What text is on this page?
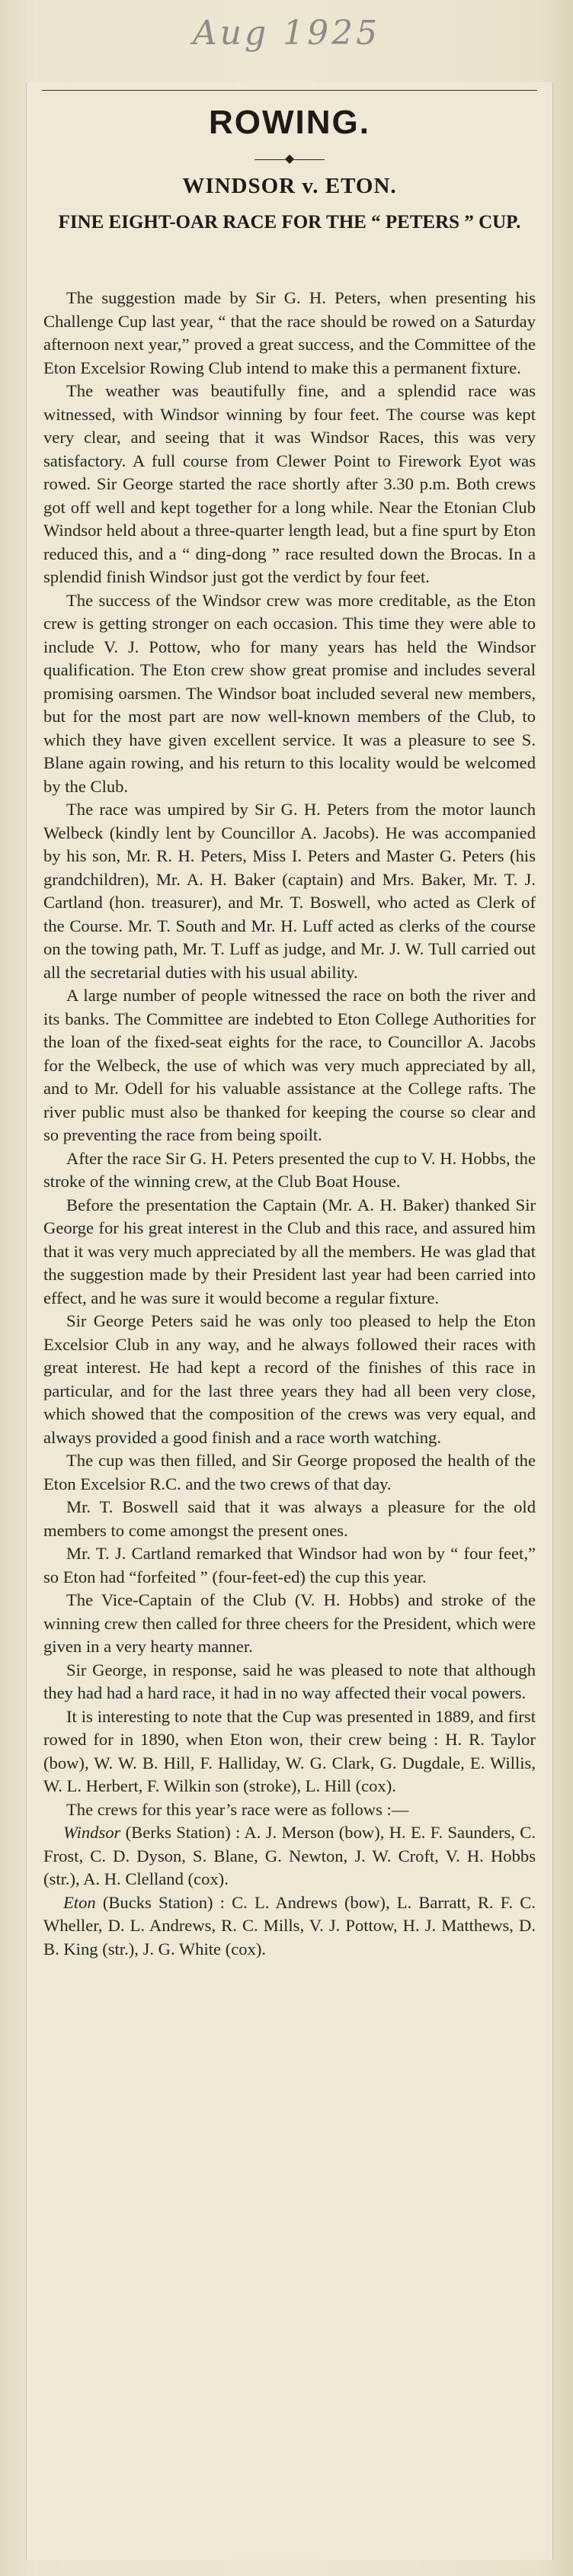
Aug 1925
ROWING.
◆
WINDSOR v. ETON.
FINE EIGHT-OAR RACE FOR THE “ PETERS ” CUP.

The suggestion made by Sir G. H. Peters, when presenting his Challenge Cup last year, “ that the race should be rowed on a Saturday afternoon next year,” proved a great success, and the Committee of the Eton Excelsior Rowing Club intend to make this a permanent fixture.

The weather was beautifully fine, and a splendid race was witnessed, with Windsor winning by four feet. The course was kept very clear, and seeing that it was Windsor Races, this was very satisfactory. A full course from Clewer Point to Firework Eyot was rowed. Sir George started the race shortly after 3.30 p.m. Both crews got off well and kept together for a long while. Near the Etonian Club Windsor held about a three-quarter length lead, but a fine spurt by Eton reduced this, and a “ ding-dong ” race resulted down the Brocas. In a splendid finish Windsor just got the verdict by four feet.

The success of the Windsor crew was more creditable, as the Eton crew is getting stronger on each occasion. This time they were able to include V. J. Pottow, who for many years has held the Windsor qualification. The Eton crew show great promise and includes several promising oarsmen. The Windsor boat included several new members, but for the most part are now well-known members of the Club, to which they have given excellent service. It was a pleasure to see S. Blane again rowing, and his return to this locality would be welcomed by the Club.

The race was umpired by Sir G. H. Peters from the motor launch Welbeck (kindly lent by Councillor A. Jacobs). He was accompanied by his son, Mr. R. H. Peters, Miss I. Peters and Master G. Peters (his grandchildren), Mr. A. H. Baker (captain) and Mrs. Baker, Mr. T. J. Cartland (hon. treasurer), and Mr. T. Boswell, who acted as Clerk of the Course. Mr. T. South and Mr. H. Luff acted as clerks of the course on the towing path, Mr. T. Luff as judge, and Mr. J. W. Tull carried out all the secretarial duties with his usual ability.

A large number of people witnessed the race on both the river and its banks. The Committee are indebted to Eton College Authorities for the loan of the fixed-seat eights for the race, to Councillor A. Jacobs for the Welbeck, the use of which was very much appreciated by all, and to Mr. Odell for his valuable assistance at the College rafts. The river public must also be thanked for keeping the course so clear and so preventing the race from being spoilt.

After the race Sir G. H. Peters presented the cup to V. H. Hobbs, the stroke of the winning crew, at the Club Boat House.

Before the presentation the Captain (Mr. A. H. Baker) thanked Sir George for his great interest in the Club and this race, and assured him that it was very much appreciated by all the members. He was glad that the suggestion made by their President last year had been carried into effect, and he was sure it would become a regular fixture.

Sir George Peters said he was only too pleased to help the Eton Excelsior Club in any way, and he always followed their races with great interest. He had kept a record of the finishes of this race in particular, and for the last three years they had all been very close, which showed that the composition of the crews was very equal, and always provided a good finish and a race worth watching.

The cup was then filled, and Sir George proposed the health of the Eton Excelsior R.C. and the two crews of that day.

Mr. T. Boswell said that it was always a pleasure for the old members to come amongst the present ones.

Mr. T. J. Cartland remarked that Windsor had won by “ four feet,” so Eton had “forfeited ” (four-feet-ed) the cup this year.

The Vice-Captain of the Club (V. H. Hobbs) and stroke of the winning crew then called for three cheers for the President, which were given in a very hearty manner.

Sir George, in response, said he was pleased to note that although they had had a hard race, it had in no way affected their vocal powers.

It is interesting to note that the Cup was presented in 1889, and first rowed for in 1890, when Eton won, their crew being : H. R. Taylor (bow), W. W. B. Hill, F. Halliday, W. G. Clark, G. Dugdale, E. Willis, W. L. Herbert, F. Wilkin son (stroke), L. Hill (cox).

The crews for this year’s race were as follows :—

Windsor (Berks Station) : A. J. Merson (bow), H. E. F. Saunders, C. Frost, C. D. Dyson, S. Blane, G. Newton, J. W. Croft, V. H. Hobbs (str.), A. H. Clelland (cox).

Eton (Bucks Station) : C. L. Andrews (bow), L. Barratt, R. F. C. Wheller, D. L. Andrews, R. C. Mills, V. J. Pottow, H. J. Matthews, D. B. King (str.), J. G. White (cox).
